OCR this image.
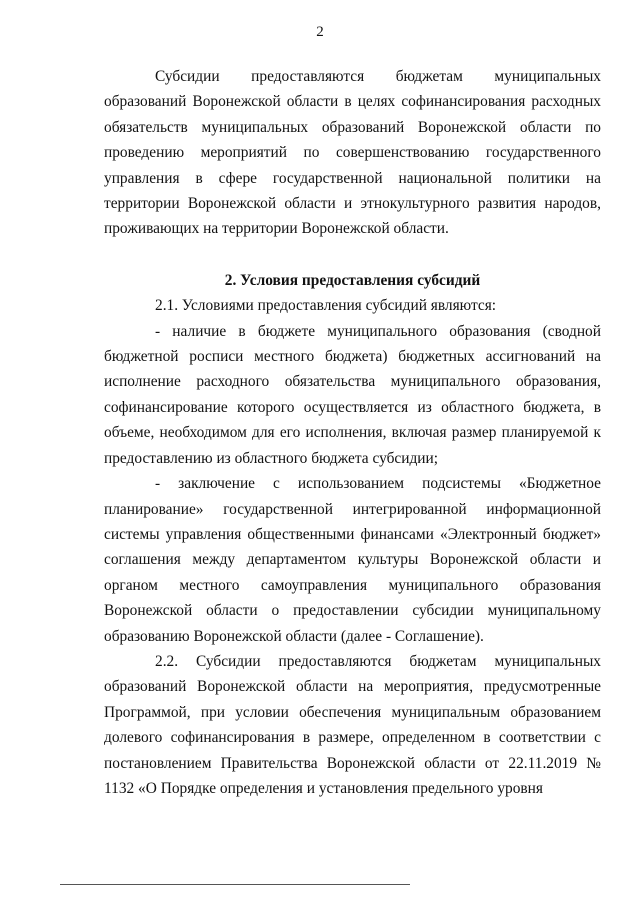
2

Субсидии предоставляются бюджетам муниципальных образований Воронежской области в целях софинансирования расходных обязательств муниципальных образований Воронежской области по проведению мероприятий по совершенствованию государственного управления в сфере государственной национальной политики на территории Воронежской области и этнокультурного развития народов, проживающих на территории Воронежской области.

2. Условия предоставления субсидий

2.1. Условиями предоставления субсидий являются:

- наличие в бюджете муниципального образования (сводной бюджетной росписи местного бюджета) бюджетных ассигнований на исполнение расходного обязательства муниципального образования, софинансирование которого осуществляется из областного бюджета, в объеме, необходимом для его исполнения, включая размер планируемой к предоставлению из областного бюджета субсидии;

- заключение с использованием подсистемы «Бюджетное планирование» государственной интегрированной информационной системы управления общественными финансами «Электронный бюджет» соглашения между департаментом культуры Воронежской области и органом местного самоуправления муниципального образования Воронежской области о предоставлении субсидии муниципальному образованию Воронежской области (далее - Соглашение).

2.2. Субсидии предоставляются бюджетам муниципальных образований Воронежской области на мероприятия, предусмотренные Программой, при условии обеспечения муниципальным образованием долевого софинансирования в размере, определенном в соответствии с постановлением Правительства Воронежской области от 22.11.2019 № 1132 «О Порядке определения и установления предельного уровня
